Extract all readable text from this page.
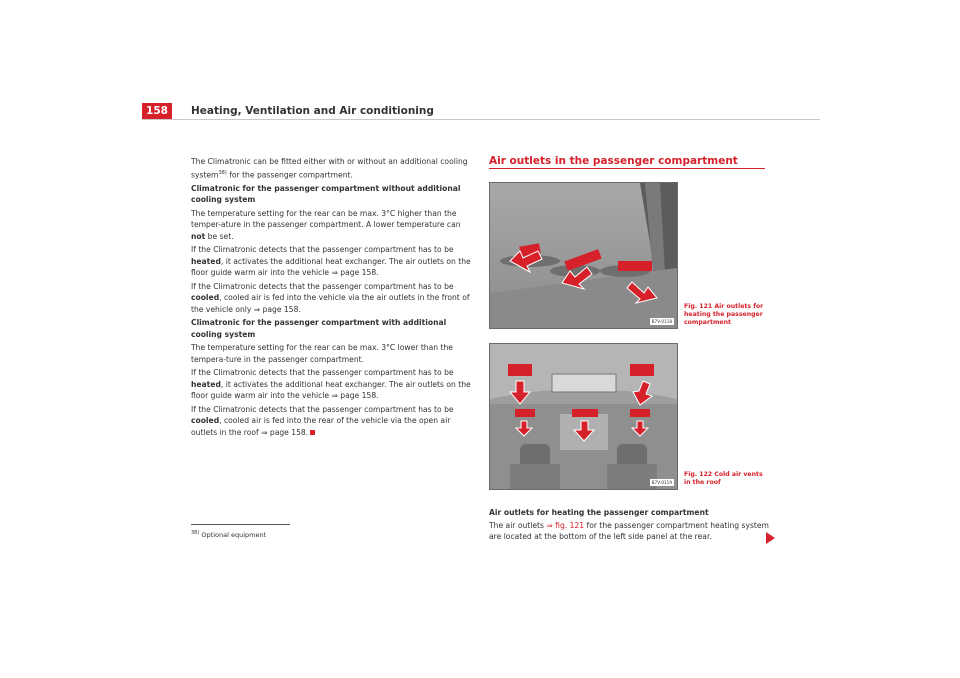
158	Heating, Ventilation and Air conditioning

The Climatronic can be fitted either with or without an additional cooling system$^{38)}$ for the passenger compartment.

Climatronic for the passenger compartment without additional cooling system

The temperature setting for the rear can be max. 3°C higher than the temper-ature in the passenger compartment. A lower temperature can not be set.

If the Climatronic detects that the passenger compartment has to be heated, it activates the additional heat exchanger. The air outlets on the floor guide warm air into the vehicle ⇒ page 158.

If the Climatronic detects that the passenger compartment has to be cooled, cooled air is fed into the vehicle via the air outlets in the front of the vehicle only ⇒ page 158.

Climatronic for the passenger compartment with additional cooling system

The temperature setting for the rear can be max. 3°C lower than the tempera-ture in the passenger compartment.

If the Climatronic detects that the passenger compartment has to be heated, it activates the additional heat exchanger. The air outlets on the floor guide warm air into the vehicle ⇒ page 158.

If the Climatronic detects that the passenger compartment has to be cooled, cooled air is fed into the rear of the vehicle via the open air outlets in the roof ⇒ page 158.

$^{38)}$ Optional equipment
Air outlets in the passenger compartment
B7V-0118
Fig. 121 Air outlets for heating the passenger compartment
B7V-0119
Fig. 122 Cold air vents in the roof
Air outlets for heating the passenger compartment
The air outlets ⇒ fig. 121 for the passenger compartment heating system are located at the bottom of the left side panel at the rear.
